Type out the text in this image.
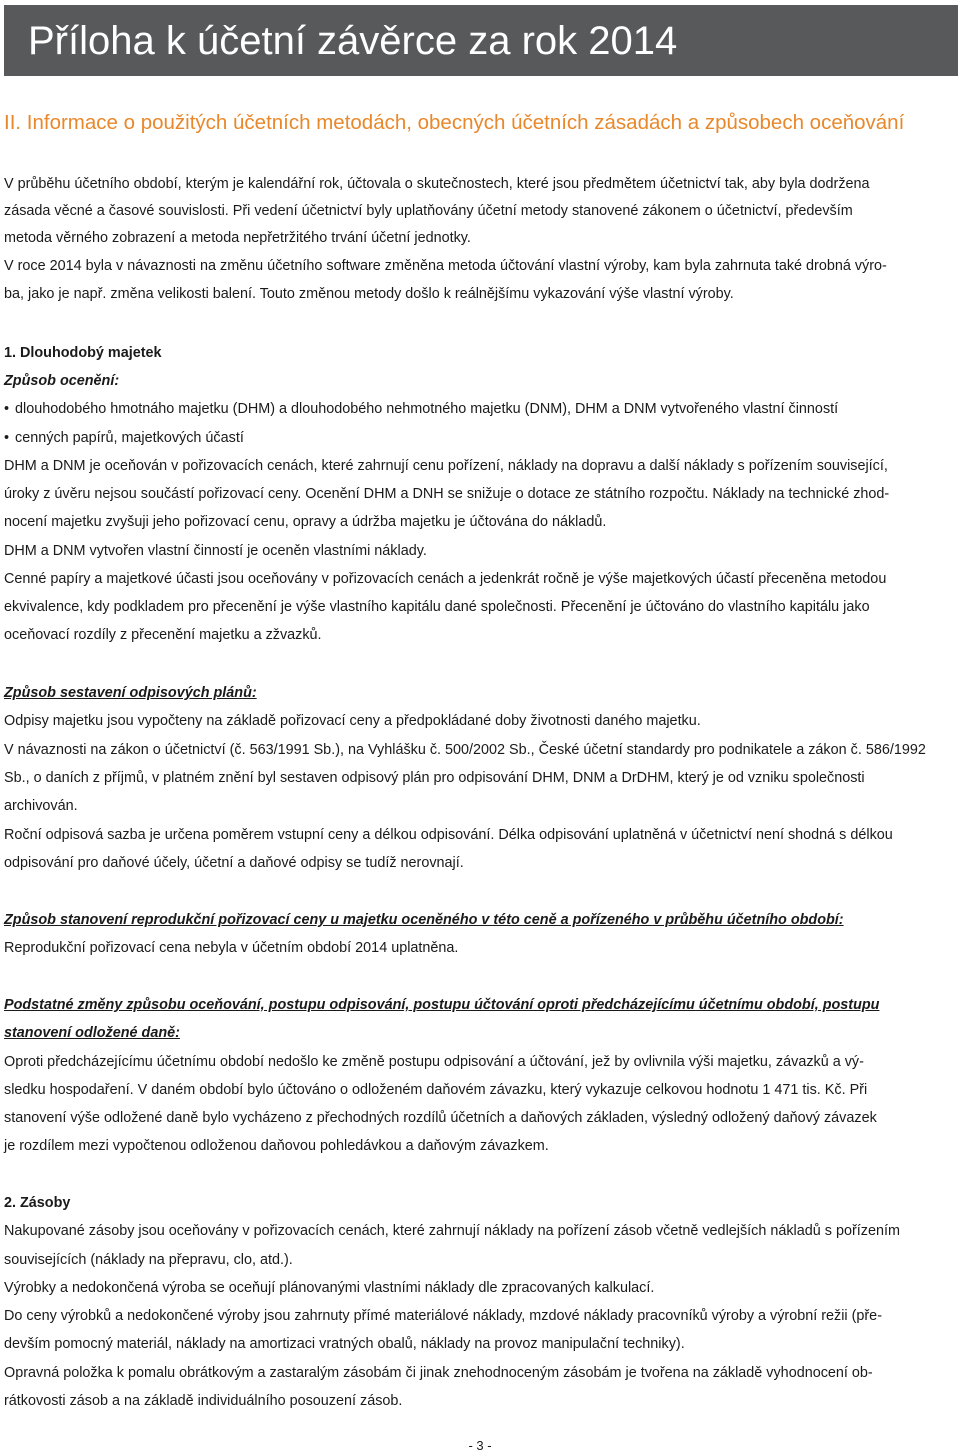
Příloha k účetní závěrce za rok 2014
II. Informace o použitých účetních metodách, obecných účetních zásadách a způsobech oceňování
V průběhu účetního období, kterým je kalendářní rok, účtovala o skutečnostech, které jsou předmětem účetnictví tak, aby byla dodržena
zásada věcné a časové souvislosti. Při vedení účetnictví byly uplatňovány účetní metody stanovené zákonem o účetnictví, především
metoda věrného zobrazení a metoda nepřetržitého trvání účetní jednotky.
V roce 2014 byla v návaznosti na změnu účetního software změněna metoda účtování vlastní výroby, kam byla zahrnuta také drobná výro-
ba, jako je např. změna velikosti balení. Touto změnou metody došlo k reálnějšímu vykazování výše vlastní výroby.
1. Dlouhodobý majetek
Způsob ocenění:
• dlouhodobého hmotnáho majetku (DHM) a dlouhodobého nehmotného majetku (DNM), DHM a DNM vytvořeného vlastní činností
• cenných papírů, majetkových účastí
DHM a DNM je oceňován v pořizovacích cenách, které zahrnují cenu pořízení, náklady na dopravu a další náklady s pořízením související,
úroky z úvěru nejsou součástí pořizovací ceny. Ocenění DHM a DNH se snižuje o dotace ze státního rozpočtu. Náklady na technické zhod-
nocení majetku zvyšuji jeho pořizovací cenu, opravy a údržba majetku je účtována do nákladů.
DHM a DNM vytvořen vlastní činností je oceněn vlastními náklady.
Cenné papíry a majetkové účasti jsou oceňovány v pořizovacích cenách a jedenkrát ročně je výše majetkových účastí přeceněna metodou
ekvivalence, kdy podkladem pro přecenění je výše vlastního kapitálu dané společnosti. Přecenění je účtováno do vlastního kapitálu jako
oceňovací rozdíly z přecenění majetku a zžvazků.
Způsob sestavení odpisových plánů:
Odpisy majetku jsou vypočteny na základě pořizovací ceny a předpokládané doby životnosti daného majetku.
V návaznosti na zákon o účetnictví (č. 563/1991 Sb.), na Vyhlášku č. 500/2002 Sb., České účetní standardy pro podnikatele a zákon č. 586/1992
Sb., o daních z příjmů, v platném znění byl sestaven odpisový plán pro odpisování DHM, DNM a DrDHM, který je od vzniku společnosti
archivován.
Roční odpisová sazba je určena poměrem vstupní ceny a délkou odpisování. Délka odpisování uplatněná v účetnictví není shodná s délkou
odpisování pro daňové účely, účetní a daňové odpisy se tudíž nerovnají.
Způsob stanovení reprodukční pořizovací ceny u majetku oceněného v této ceně a pořízeného v průběhu účetního období:
Reprodukční pořizovací cena nebyla v účetním období 2014 uplatněna.
Podstatné změny způsobu oceňování, postupu odpisování, postupu účtování oproti předcházejícímu účetnímu období, postupu
stanovení odložené daně:
Oproti předcházejícímu účetnímu období nedošlo ke změně postupu odpisování a účtování, jež by ovlivnila výši majetku, závazků a vý-
sledku hospodaření. V daném období bylo účtováno o odloženém daňovém závazku, který vykazuje celkovou hodnotu 1 471 tis. Kč. Při
stanovení výše odložené daně bylo vycházeno z přechodných rozdílů účetních a daňových základen, výsledný odložený daňový závazek
je rozdílem mezi vypočtenou odloženou daňovou pohledávkou a daňovým závazkem.
2. Zásoby
Nakupované zásoby jsou oceňovány v pořizovacích cenách, které zahrnují náklady na pořízení zásob včetně vedlejších nákladů s pořízením
souvisejících (náklady na přepravu, clo, atd.).
Výrobky a nedokončená výroba se oceňují plánovanými vlastními náklady dle zpracovaných kalkulací.
Do ceny výrobků a nedokončené výroby jsou zahrnuty přímé materiálové náklady, mzdové náklady pracovníků výroby a výrobní režii (pře-
devším pomocný materiál, náklady na amortizaci vratných obalů, náklady na provoz manipulační techniky).
Opravná položka k pomalu obrátkovým a zastaralým zásobám či jinak znehodnoceným zásobám je tvořena na základě vyhodnocení ob-
rátkovosti zásob a na základě individuálního posouzení zásob.
- 3 -
